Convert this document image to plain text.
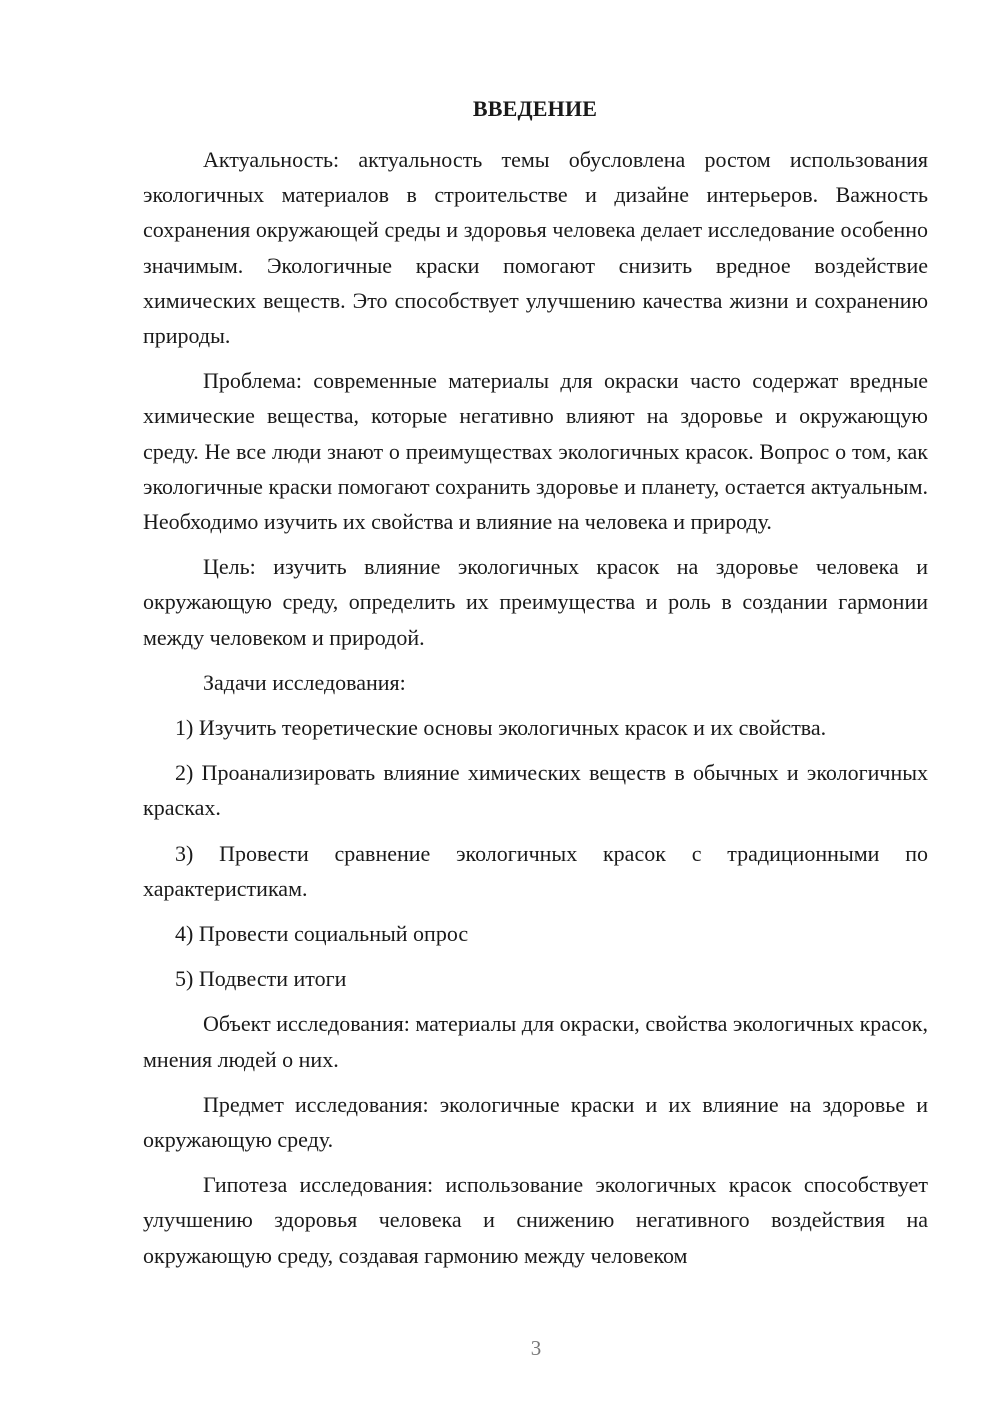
ВВЕДЕНИЕ

Актуальность: актуальность темы обусловлена ростом использования экологичных материалов в строительстве и дизайне интерьеров. Важность сохранения окружающей среды и здоровья человека делает исследование особенно значимым. Экологичные краски помогают снизить вредное воздействие химических веществ. Это способствует улучшению качества жизни и сохранению природы.

Проблема: современные материалы для окраски часто содержат вредные химические вещества, которые негативно влияют на здоровье и окружающую среду. Не все люди знают о преимуществах экологичных красок. Вопрос о том, как экологичные краски помогают сохранить здоровье и планету, остается актуальным. Необходимо изучить их свойства и влияние на человека и природу.

Цель: изучить влияние экологичных красок на здоровье человека и окружающую среду, определить их преимущества и роль в создании гармонии между человеком и природой.

Задачи исследования:

1) Изучить теоретические основы экологичных красок и их свойства.

2) Проанализировать влияние химических веществ в обычных и экологичных красках.

3) Провести сравнение экологичных красок с традиционными по характеристикам.

4) Провести социальный опрос

5) Подвести итоги

Объект исследования: материалы для окраски, свойства экологичных красок, мнения людей о них.

Предмет исследования: экологичные краски и их влияние на здоровье и окружающую среду.

Гипотеза исследования: использование экологичных красок способствует улучшению здоровья человека и снижению негативного воздействия на окружающую среду, создавая гармонию между человеком

3
